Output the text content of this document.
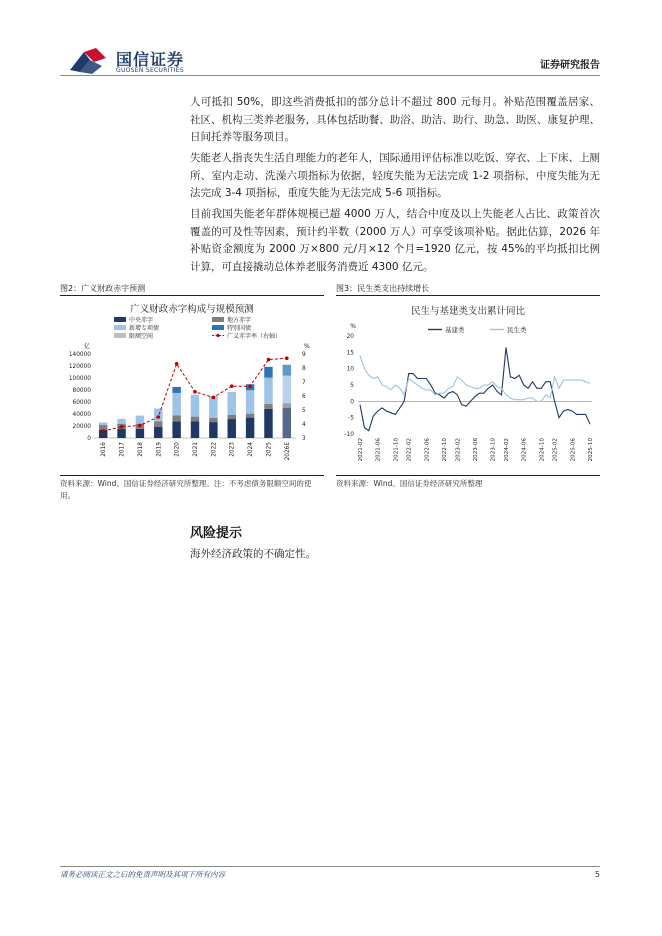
国信证券
GUOSEN SECURITIES	证券研究报告
人可抵扣 50%，即这些消费抵扣的部分总计不超过 800 元每月。补贴范围覆盖居家、社区、机构三类养老服务，具体包括助餐、助浴、助洁、助行、助急、助医、康复护理、日间托养等服务项目。
失能老人指丧失生活自理能力的老年人，国际通用评估标准以吃饭、穿衣、上下床、上厕所、室内走动、洗澡六项指标为依据，轻度失能为无法完成 1-2 项指标，中度失能为无法完成 3-4 项指标，重度失能为无法完成 5-6 项指标。
目前我国失能老年群体规模已超 4000 万人，结合中度及以上失能老人占比、政策首次覆盖的可及性等因素，预计约半数（2000 万人）可享受该项补贴。据此估算，2026 年补贴资金额度为 2000 万×800 元/月×12 个月=1920 亿元，按 45%的平均抵扣比例计算，可直接撬动总体养老服务消费近 4300 亿元。
图2：广义财政赤字预测
广义财政赤字构成与规模预测
中央赤字	地方赤字
新增专项债	特别国债
限额空间	广义赤字率（右轴）
亿	%
0
20000
40000
60000
80000
100000
120000
140000
3
4
5
6
7
8
9
2016 2017 2018 2019 2020 2021 2022 2023 2024 2025 2026E
资料来源：Wind、国信证券经济研究所整理。注：不考虑债务限额空间的使用。
图3：民生类支出持续增长
民生与基建类支出累计同比
基建类	民生类
%
-10
-5
0
5
10
15
20
2021-02 2021-06 2021-10 2022-02 2022-06 2022-10 2023-02 2023-06 2023-10 2024-02 2024-06 2024-10 2025-02 2025-06 2025-10
资料来源：Wind、国信证券经济研究所整理
风险提示
海外经济政策的不确定性。
请务必阅读正文之后的免责声明及其项下所有内容	5
